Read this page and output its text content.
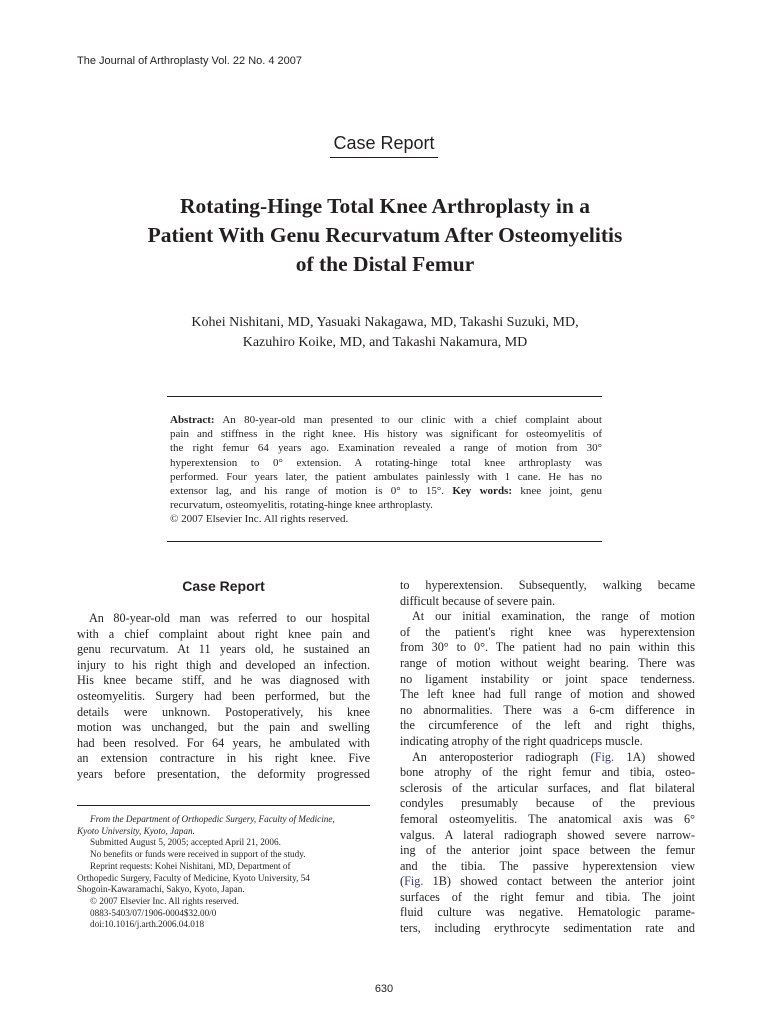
The Journal of Arthroplasty Vol. 22 No. 4 2007
Case Report
Rotating-Hinge Total Knee Arthroplasty in a
Patient With Genu Recurvatum After Osteomyelitis
of the Distal Femur
Kohei Nishitani, MD, Yasuaki Nakagawa, MD, Takashi Suzuki, MD,
Kazuhiro Koike, MD, and Takashi Nakamura, MD
Abstract: An 80-year-old man presented to our clinic with a chief complaint about
pain and stiffness in the right knee. His history was significant for osteomyelitis of
the right femur 64 years ago. Examination revealed a range of motion from 30°
hyperextension to 0° extension. A rotating-hinge total knee arthroplasty was
performed. Four years later, the patient ambulates painlessly with 1 cane. He has no
extensor lag, and his range of motion is 0° to 15°. Key words: knee joint, genu
recurvatum, osteomyelitis, rotating-hinge knee arthroplasty.
© 2007 Elsevier Inc. All rights reserved.
Case Report
An 80-year-old man was referred to our hospital
with a chief complaint about right knee pain and
genu recurvatum. At 11 years old, he sustained an
injury to his right thigh and developed an infection.
His knee became stiff, and he was diagnosed with
osteomyelitis. Surgery had been performed, but the
details were unknown. Postoperatively, his knee
motion was unchanged, but the pain and swelling
had been resolved. For 64 years, he ambulated with
an extension contracture in his right knee. Five
years before presentation, the deformity progressed
From the Department of Orthopedic Surgery, Faculty of Medicine,
Kyoto University, Kyoto, Japan.
Submitted August 5, 2005; accepted April 21, 2006.
No benefits or funds were received in support of the study.
Reprint requests: Kohei Nishitani, MD, Department of
Orthopedic Surgery, Faculty of Medicine, Kyoto University, 54
Shogoin-Kawaramachi, Sakyo, Kyoto, Japan.
© 2007 Elsevier Inc. All rights reserved.
0883-5403/07/1906-0004$32.00/0
doi:10.1016/j.arth.2006.04.018
to hyperextension. Subsequently, walking became
difficult because of severe pain.
At our initial examination, the range of motion
of the patient's right knee was hyperextension
from 30° to 0°. The patient had no pain within this
range of motion without weight bearing. There was
no ligament instability or joint space tenderness.
The left knee had full range of motion and showed
no abnormalities. There was a 6-cm difference in
the circumference of the left and right thighs,
indicating atrophy of the right quadriceps muscle.
An anteroposterior radiograph (Fig. 1A) showed
bone atrophy of the right femur and tibia, osteo-
sclerosis of the articular surfaces, and flat bilateral
condyles presumably because of the previous
femoral osteomyelitis. The anatomical axis was 6°
valgus. A lateral radiograph showed severe narrow-
ing of the anterior joint space between the femur
and the tibia. The passive hyperextension view
(Fig. 1B) showed contact between the anterior joint
surfaces of the right femur and tibia. The joint
fluid culture was negative. Hematologic parame-
ters, including erythrocyte sedimentation rate and
630
